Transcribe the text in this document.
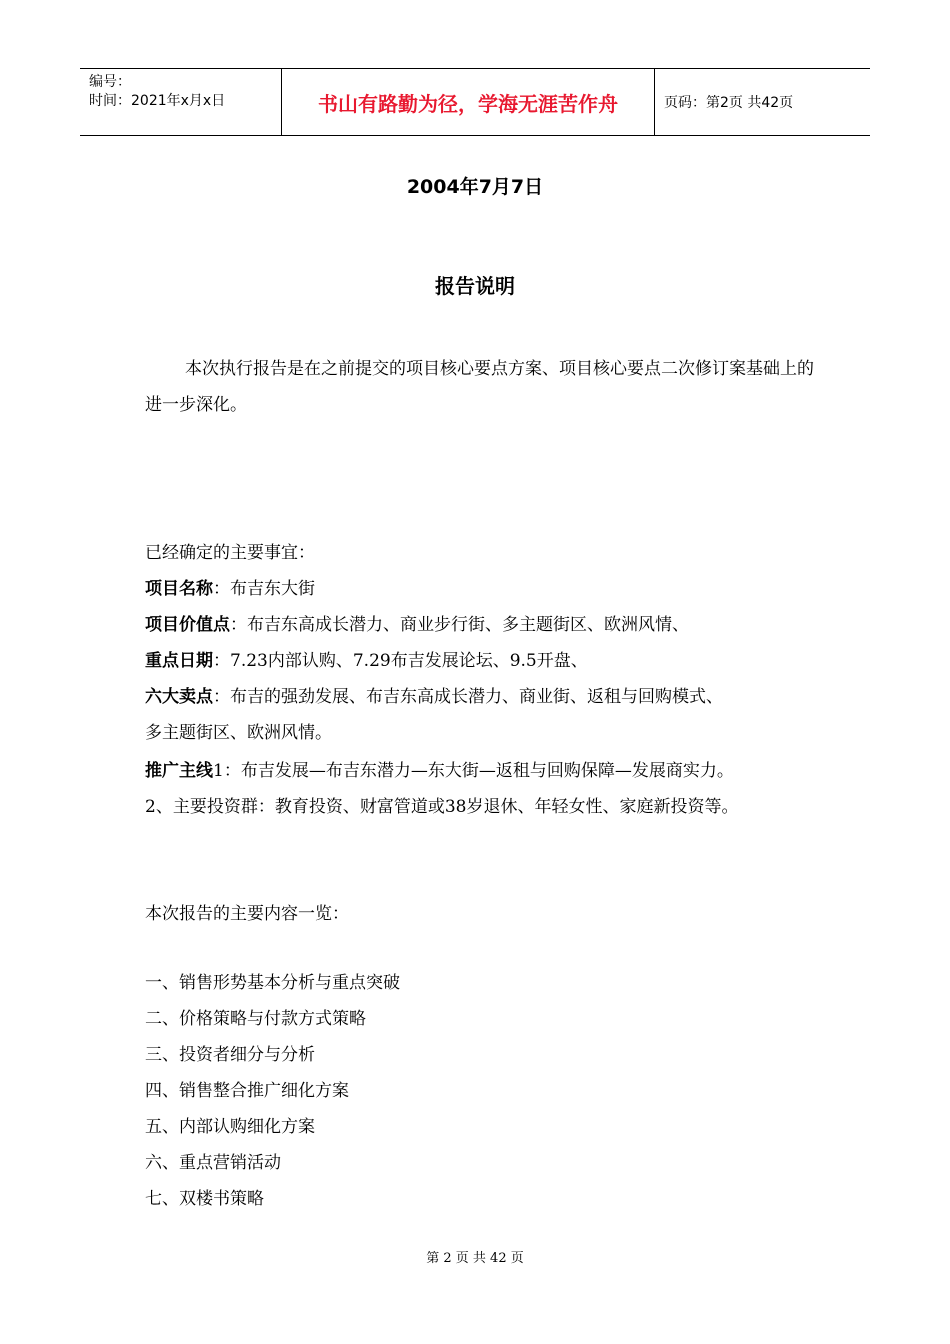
编号：
时间：2021年x月x日	书山有路勤为径，学海无涯苦作舟	页码：第2页 共42页
2004年7月7日
报告说明
本次执行报告是在之前提交的项目核心要点方案、项目核心要点二次修订案基础上的进一步深化。
已经确定的主要事宜：
项目名称：布吉东大街
项目价值点：布吉东高成长潜力、商业步行街、多主题街区、欧洲风情、
重点日期：7.23内部认购、7.29布吉发展论坛、9.5开盘、
六大卖点：布吉的强劲发展、布吉东高成长潜力、商业街、返租与回购模式、
多主题街区、欧洲风情。
推广主线1：布吉发展—布吉东潜力—东大街—返租与回购保障—发展商实力。
2、主要投资群：教育投资、财富管道或38岁退休、年轻女性、家庭新投资等。
本次报告的主要内容一览：
一、销售形势基本分析与重点突破
二、价格策略与付款方式策略
三、投资者细分与分析
四、销售整合推广细化方案
五、内部认购细化方案
六、重点营销活动
七、双楼书策略
第 2 页 共 42 页
